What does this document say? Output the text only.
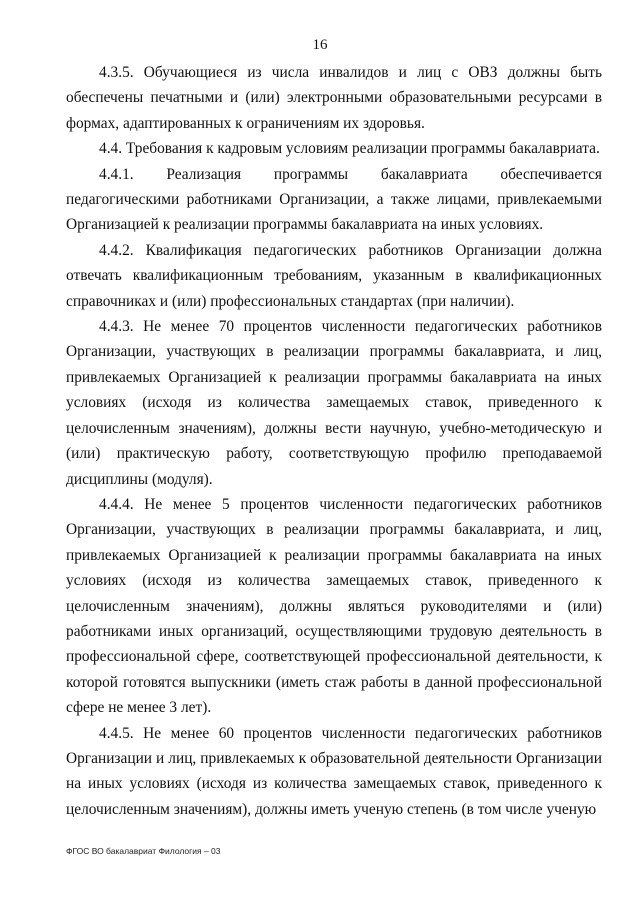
16

4.3.5. Обучающиеся из числа инвалидов и лиц с ОВЗ должны быть обеспечены печатными и (или) электронными образовательными ресурсами в формах, адаптированных к ограничениям их здоровья.

4.4. Требования к кадровым условиям реализации программы бакалавриата.

4.4.1. Реализация программы бакалавриата обеспечивается педагогическими работниками Организации, а также лицами, привлекаемыми Организацией к реализации программы бакалавриата на иных условиях.

4.4.2. Квалификация педагогических работников Организации должна отвечать квалификационным требованиям, указанным в квалификационных справочниках и (или) профессиональных стандартах (при наличии).

4.4.3. Не менее 70 процентов численности педагогических работников Организации, участвующих в реализации программы бакалавриата, и лиц, привлекаемых Организацией к реализации программы бакалавриата на иных условиях (исходя из количества замещаемых ставок, приведенного к целочисленным значениям), должны вести научную, учебно-методическую и (или) практическую работу, соответствующую профилю преподаваемой дисциплины (модуля).

4.4.4. Не менее 5 процентов численности педагогических работников Организации, участвующих в реализации программы бакалавриата, и лиц, привлекаемых Организацией к реализации программы бакалавриата на иных условиях (исходя из количества замещаемых ставок, приведенного к целочисленным значениям), должны являться руководителями и (или) работниками иных организаций, осуществляющими трудовую деятельность в профессиональной сфере, соответствующей профессиональной деятельности, к которой готовятся выпускники (иметь стаж работы в данной профессиональной сфере не менее 3 лет).

4.4.5. Не менее 60 процентов численности педагогических работников Организации и лиц, привлекаемых к образовательной деятельности Организации на иных условиях (исходя из количества замещаемых ставок, приведенного к целочисленным значениям), должны иметь ученую степень (в том числе ученую

ФГОС ВО бакалавриат Филология – 03
